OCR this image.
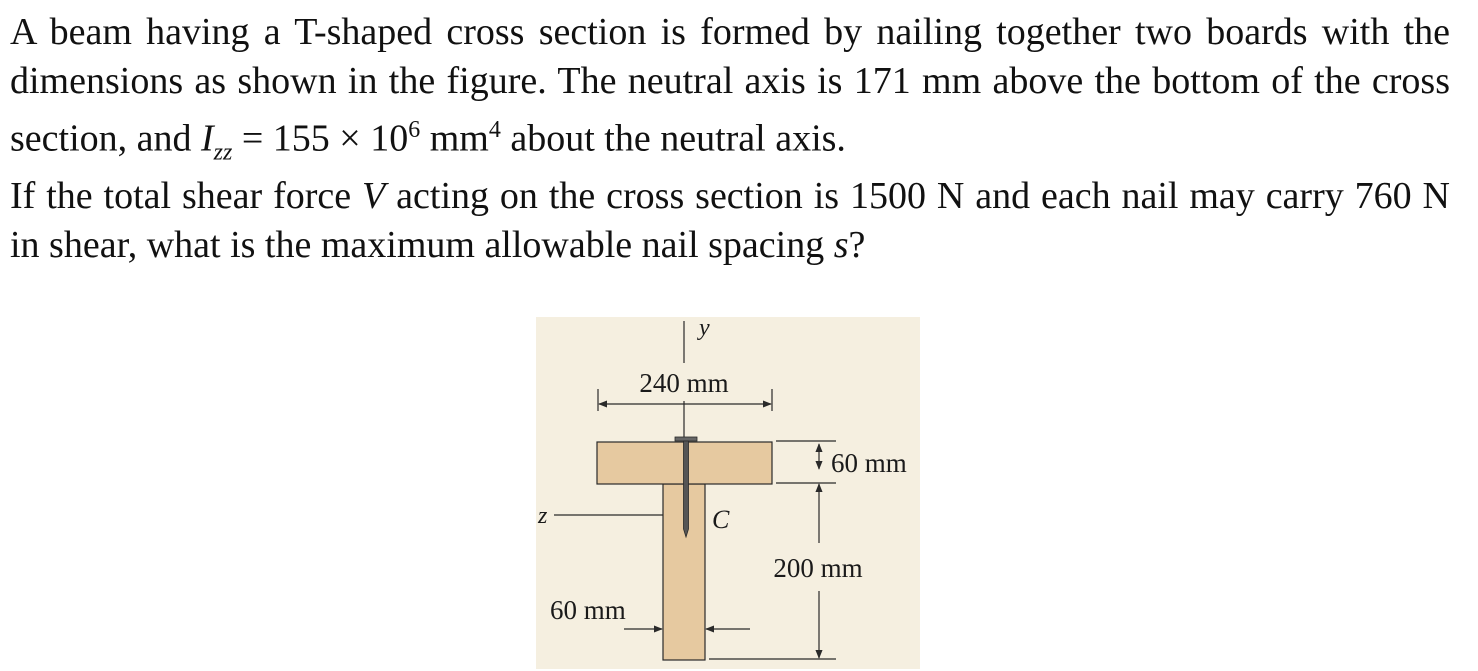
A beam having a T-shaped cross section is formed by nailing together two boards with the dimensions as shown in the figure. The neutral axis is 171 mm above the bottom of the cross section, and $I_{zz} = 155 \times 10^6$ $mm^4$ about the neutral axis.

If the total shear force V acting on the cross section is 1500 N and each nail may carry 760 N in shear, what is the maximum allowable nail spacing s?

y
240 mm
z	C
60 mm
200 mm
60 mm
